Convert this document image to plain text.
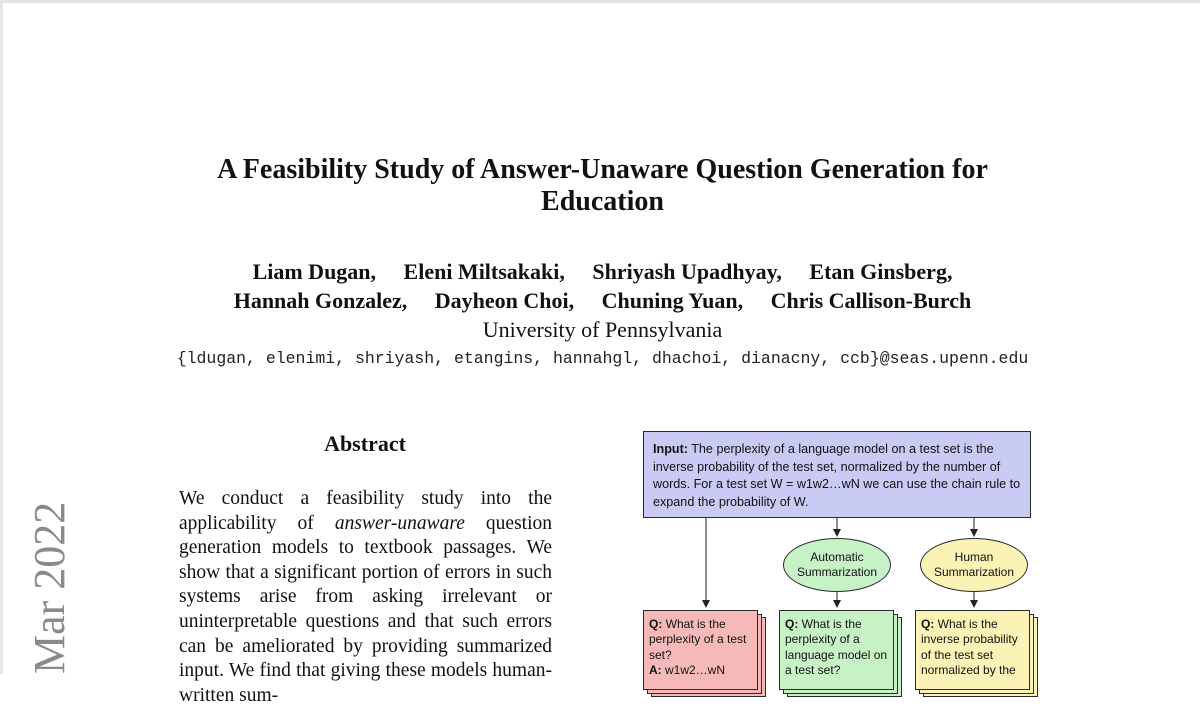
A Feasibility Study of Answer-Unaware Question Generation for
Education
Liam Dugan,     Eleni Miltsakaki,     Shriyash Upadhyay,     Etan Ginsberg,
Hannah Gonzalez,     Dayheon Choi,     Chuning Yuan,     Chris Callison-Burch
University of Pennsylvania
{ldugan, elenimi, shriyash, etangins, hannahgl, dhachoi, dianacny, ccb}@seas.upenn.edu
Abstract

We conduct a feasibility study into the applicability of answer-unaware question generation models to textbook passages. We show that a significant portion of errors in such systems arise from asking irrelevant or uninterpretable questions and that such errors can be ameliorated by providing summarized input. We find that giving these models human-written sum-

Mar 2022
Input: The perplexity of a language model on a test set is the inverse probability of the test set, normalized by the number of words. For a test set W = w1w2…wN we can use the chain rule to expand the probability of W.
Automatic
Summarization
Human
Summarization
Q: What is the perplexity of a test set?
A: w1w2…wN
Q: What is the perplexity of a language model on a test set?
Q: What is the inverse probability of the test set normalized by the
